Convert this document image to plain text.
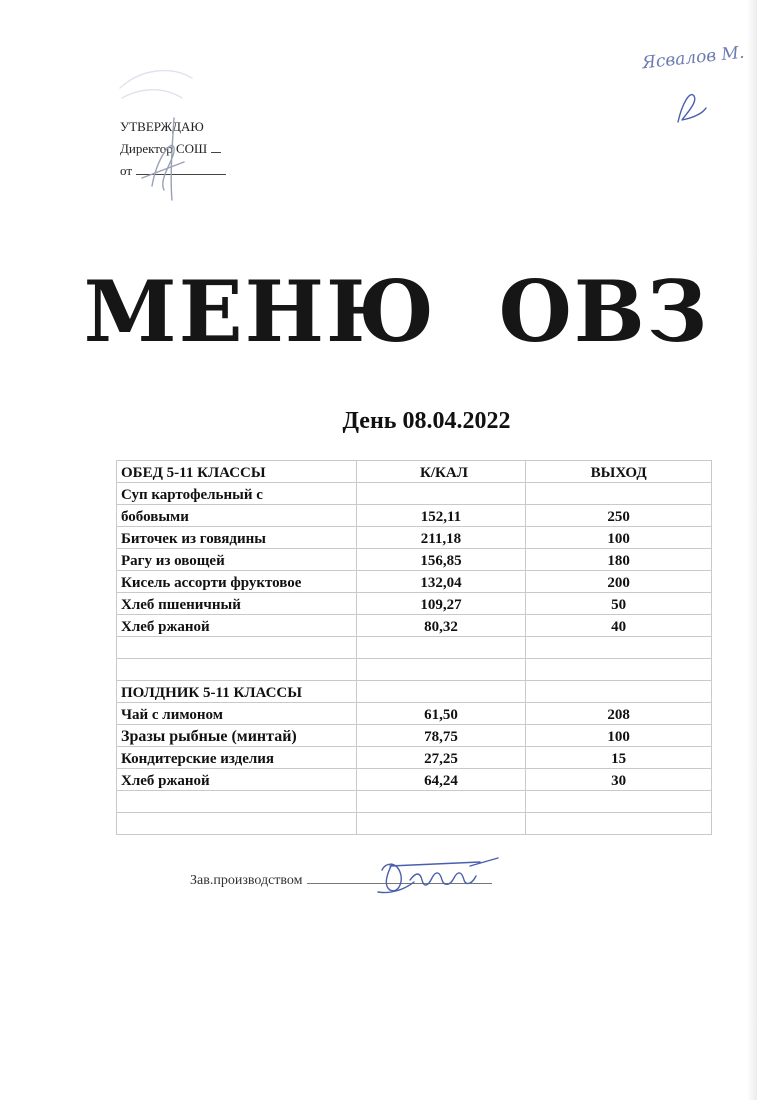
УТВЕРЖДАЮ
Директор СОШ
от
Ясвалов М.
МЕНЮ  ОВЗ
День 08.04.2022
ОБЕД 5-11 КЛАССЫ	К/КАЛ	ВЫХОД
Суп картофельный с		
бобовыми	152,11	250
Биточек из говядины	211,18	100
Рагу из овощей	156,85	180
Кисель ассорти фруктовое	132,04	200
Хлеб пшеничный	109,27	50
Хлеб ржаной	80,32	40

ПОЛДНИК 5-11 КЛАССЫ		
Чай с лимоном	61,50	208
Зразы рыбные (минтай)	78,75	100
Кондитерские изделия	27,25	15
Хлеб ржаной	64,24	30

Зав.производством
